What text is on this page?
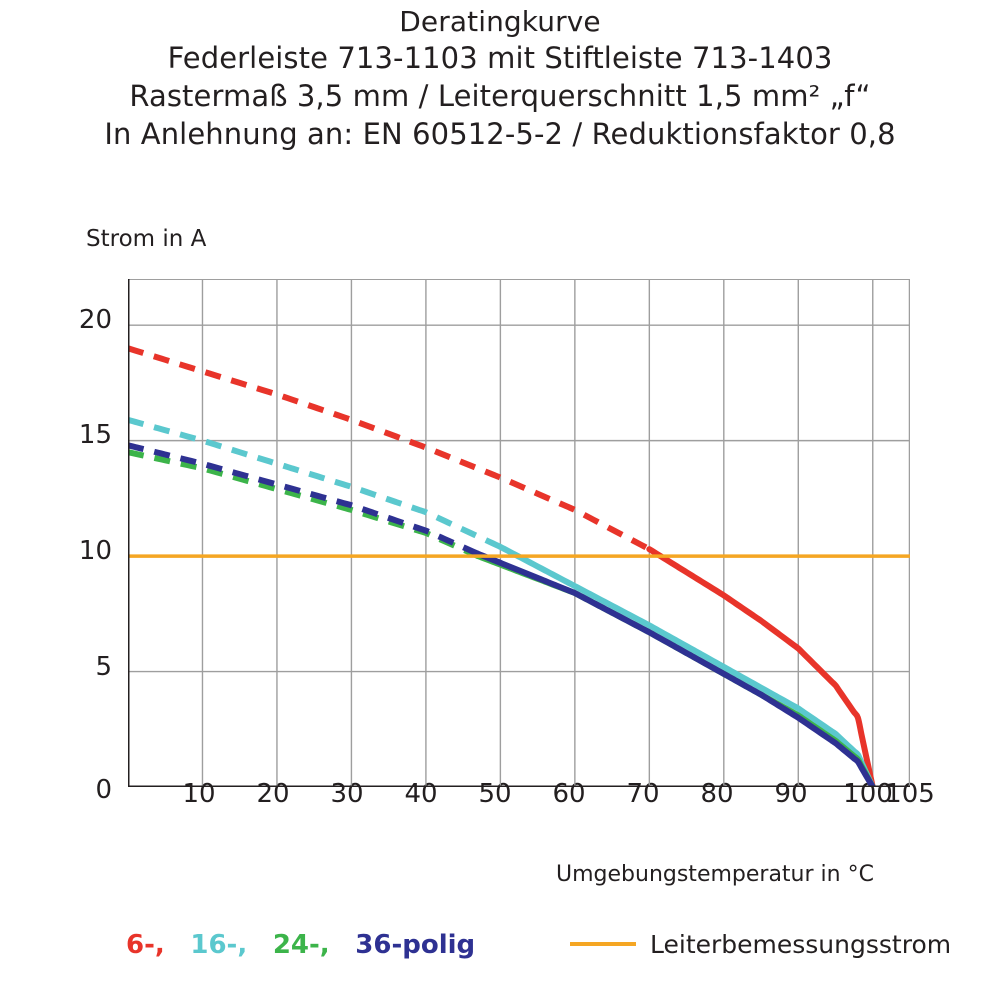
Deratingkurve
Federleiste 713-1103 mit Stiftleiste 713-1403
Rastermaß 3,5 mm / Leiterquerschnitt 1,5 mm² „f“
In Anlehnung an: EN 60512-5-2 / Reduktionsfaktor 0,8
Strom in A
Umgebungstemperatur in °C
0
5
10
15
20
10	20	30	40	50	60	70	80	90	100
105
6-, 16-, 24-, 36-polig	Leiterbemessungsstrom
